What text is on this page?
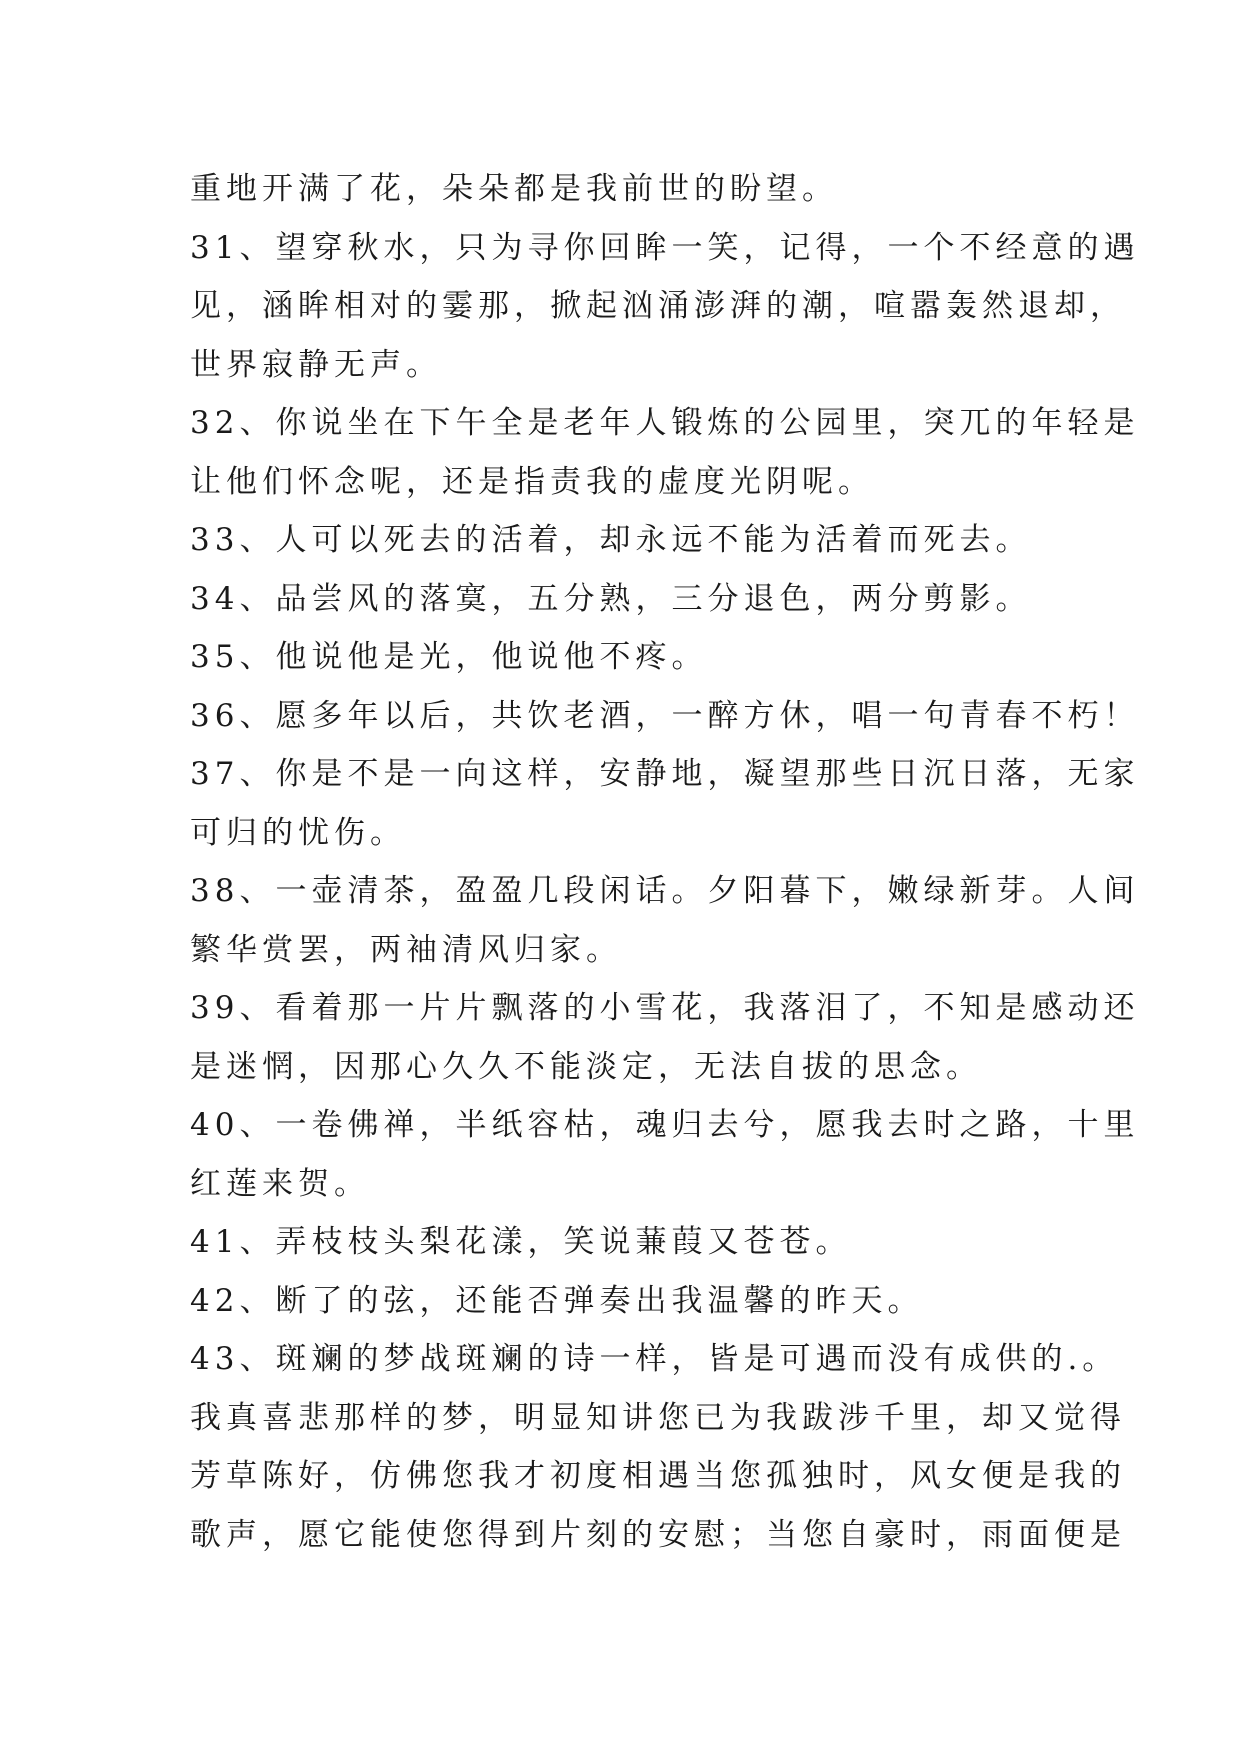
重地开满了花，朵朵都是我前世的盼望。
31、望穿秋水，只为寻你回眸一笑，记得，一个不经意的遇
见，涵眸相对的霎那，掀起汹涌澎湃的潮，喧嚣轰然退却，
世界寂静无声。
32、你说坐在下午全是老年人锻炼的公园里，突兀的年轻是
让他们怀念呢，还是指责我的虚度光阴呢。
33、人可以死去的活着，却永远不能为活着而死去。
34、品尝风的落寞，五分熟，三分退色，两分剪影。
35、他说他是光，他说他不疼。
36、愿多年以后，共饮老酒，一醉方休，唱一句青春不朽！
37、你是不是一向这样，安静地，凝望那些日沉日落，无家
可归的忧伤。
38、一壶清茶，盈盈几段闲话。夕阳暮下，嫩绿新芽。人间
繁华赏罢，两袖清风归家。
39、看着那一片片飘落的小雪花，我落泪了，不知是感动还
是迷惘，因那心久久不能淡定，无法自拔的思念。
40、一卷佛禅，半纸容枯，魂归去兮，愿我去时之路，十里
红莲来贺。
41、弄枝枝头梨花漾，笑说蒹葭又苍苍。
42、断了的弦，还能否弹奏出我温馨的昨天。
43、斑斓的梦战斑斓的诗一样，皆是可遇而没有成供的.。
我真喜悲那样的梦，明显知讲您已为我跋涉千里，却又觉得
芳草陈好，仿佛您我才初度相遇当您孤独时，风女便是我的
歌声，愿它能使您得到片刻的安慰；当您自豪时，雨面便是
